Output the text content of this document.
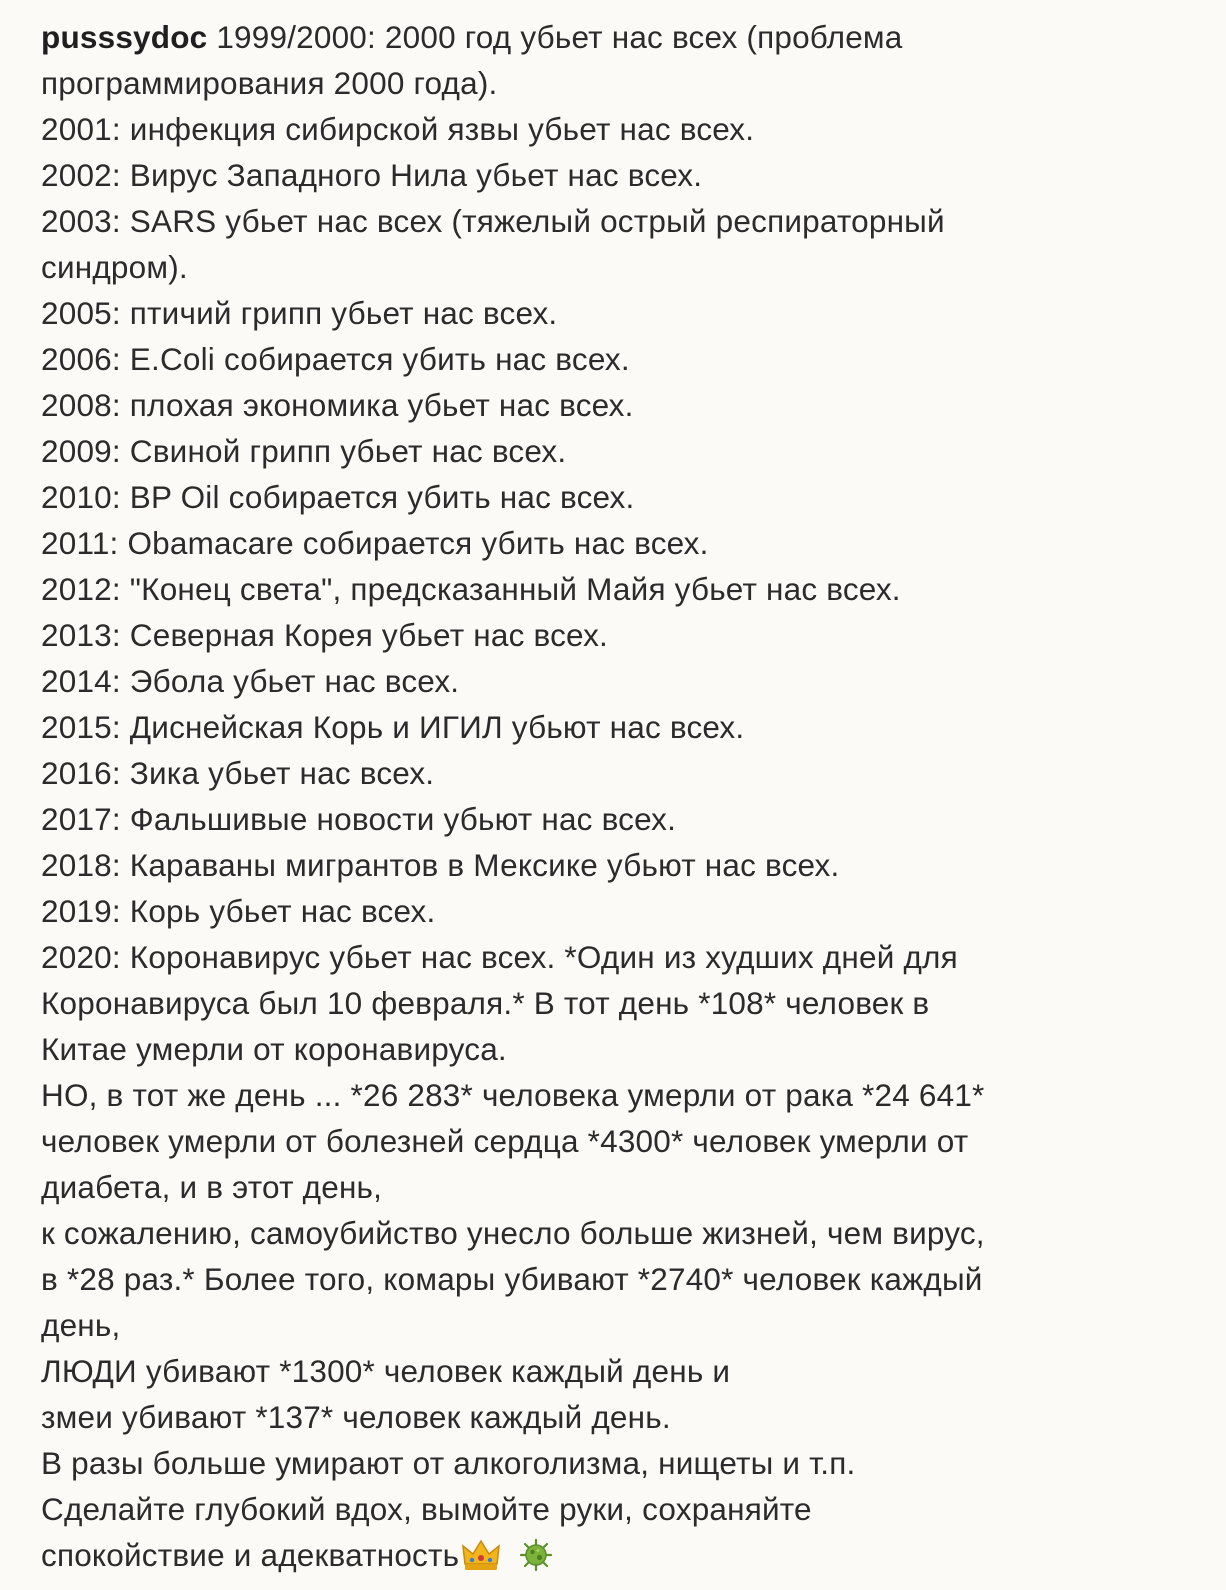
pusssydoc 1999/2000: 2000 год убьет нас всех (проблема
программирования 2000 года).
2001: инфекция сибирской язвы убьет нас всех.
2002: Вирус Западного Нила убьет нас всех.
2003: SARS убьет нас всех (тяжелый острый респираторный
синдром).
2005: птичий грипп убьет нас всех.
2006: E.Coli собирается убить нас всех.
2008: плохая экономика убьет нас всех.
2009: Свиной грипп убьет нас всех.
2010: BP Oil собирается убить нас всех.
2011: Obamacare собирается убить нас всех.
2012: "Конец света", предсказанный Майя убьет нас всех.
2013: Северная Корея убьет нас всех.
2014: Эбола убьет нас всех.
2015: Диснейская Корь и ИГИЛ убьют нас всех.
2016: Зика убьет нас всех.
2017: Фальшивые новости убьют нас всех.
2018: Караваны мигрантов в Мексике убьют нас всех.
2019: Корь убьет нас всех.
2020: Коронавирус убьет нас всех. *Один из худших дней для
Коронавируса был 10 февраля.* В тот день *108* человек в
Китае умерли от коронавируса.
НО, в тот же день ... *26 283* человека умерли от рака *24 641*
человек умерли от болезней сердца *4300* человек умерли от
диабета, и в этот день,
к сожалению, самоубийство унесло больше жизней, чем вирус,
в *28 раз.* Более того, комары убивают *2740* человек каждый
день,
ЛЮДИ убивают *1300* человек каждый день и
змеи убивают *137* человек каждый день.
В разы больше умирают от алкоголизма, нищеты и т.п.
Сделайте глубокий вдох, вымойте руки, сохраняйте
спокойствие и адекватность
